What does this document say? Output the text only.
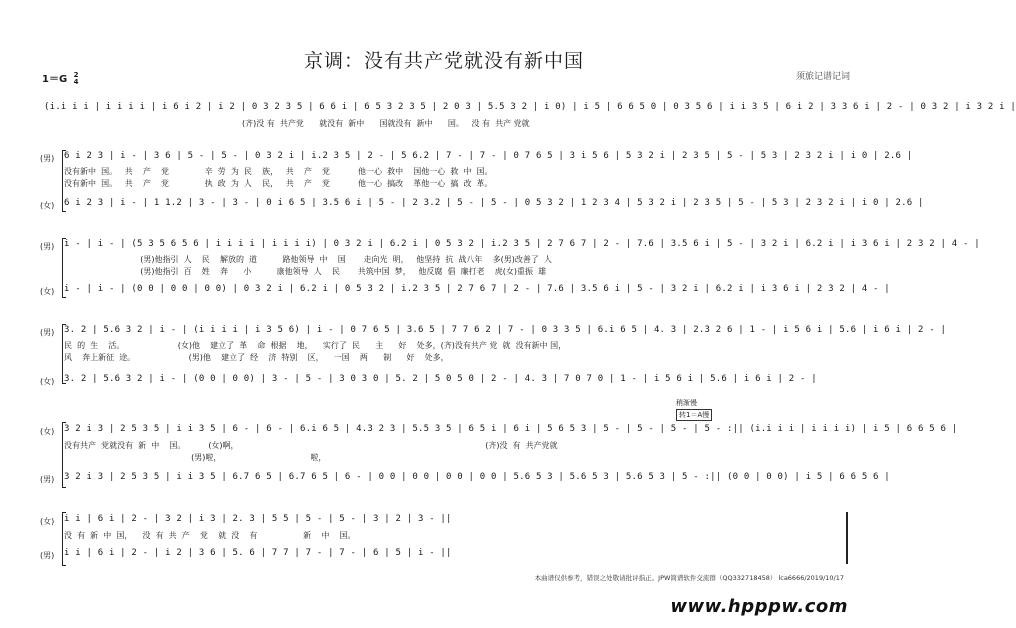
京调：没有共产党就没有新中国
1＝G 2
4	须旅记谱记词
(i.i i i | i i i i | i 6 i 2 | i 2 | 0 3 2 3 5 | 6 6 i | 6 5 3 2 3 5 | 2 0 3 | 5.5 3 2 | i 0) | i 5 | 6 6 5 0 | 0 3 5 6 | i i 3 5 | 6 i 2 | 3 3 6 i | 2 - | 0 3 2 | i 3 2 i |
(齐)没 有  共产党      就没有  新中      国就没有  新中      国。   没 有  共产 党就
(男)	6 i 2 3 | i - | 3 6 | 5 - | 5 - | 0 3 2 i | i.2 3 5 | 2 - | 5 6.2 | 7 - | 7 - | 0 7 6 5 | 3 i 5 6 | 5 3 2 i | 2 3 5 | 5 - | 5 3 | 2 3 2 i | i 0 | 2.6 |
没有新中  国。   共    产    党              辛  劳  为  民    族，   共    产    党           他一心  救中    国他一心  救  中  国。
没有新中  国。   共    产    党              执  政  为  人    民，   共    产    党           他一心  搞改    革他一心  搞  改  革。
(女)	6 i 2 3 | i - | 1 1.2 | 3 - | 3 - | 0 i 6 5 | 3.5 6 i | 5 - | 2 3.2 | 5 - | 5 - | 0 5 3 2 | 1 2 3 4 | 5 3 2 i | 2 3 5 | 5 - | 5 3 | 2 3 2 i | i 0 | 2.6 |
(男)	i - | i - | (5 3 5 6 5 6 | i i i i | i i i i) | 0 3 2 i | 6.2 i | 0 5 3 2 | i.2 3 5 | 2 7 6 7 | 2 - | 7.6 | 3.5 6 i | 5 - | 3 2 i | 6.2 i | i 3 6 i | 2 3 2 | 4 - |
(男)他指引  人    民    解放的  道          路他领导  中    国       走向光  明，   他坚持  抗  战八年    多(男)改善了  人
(男)他指引  百    姓    奔      小          康他领导  人    民       共筑中国  梦，   他反腐  倡  廉打老    虎(女)重振  雄
(女)	i - | i - | (0 0 | 0 0 | 0 0) | 0 3 2 i | 6.2 i | 0 5 3 2 | i.2 3 5 | 2 7 6 7 | 2 - | 7.6 | 3.5 6 i | 5 - | 3 2 i | 6.2 i | i 3 6 i | 2 3 2 | 4 - |
(男)	3. 2 | 5.6 3 2 | i - | (i i i i | i 3 5 6) | i - | 0 7 6 5 | 3.6 5 | 7 7 6 2 | 7 - | 0 3 3 5 | 6.i 6 5 | 4. 3 | 2.3 2 6 | 1 - | i 5 6 i | 5.6 | i 6 i | 2 - |
民  的  生    活。                     (女)他    建立了  革    命  根据    地，    实行了  民      主      好    处多，(齐)没有共产 党  就  没有新中 国，
风    奔上新征  途。                     (男)他    建立了  经    济  特别    区，    一国    两      制      好    处多，
(女)	3. 2 | 5.6 3 2 | i - | (0 0 | 0 0) | 3 - | 5 - | 3 0 3 0 | 5. 2 | 5 0 5 0 | 2 - | 4. 3 | 7 0 7 0 | 1 - | i 5 6 i | 5.6 | i 6 i | 2 - |
稍渐慢
转1＝A慢
(女)	3 2 i 3 | 2 5 3 5 | i i 3 5 | 6 - | 6 - | 6.i 6 5 | 4.3 2 3 | 5.5 3 5 | 6 5 i | 6 i | 5 6 5 3 | 5 - | 5 - | 5 - | 5 - :|| (i.i i i | i i i i) | i 5 | 6 6 5 6 |
没有共产  党就没有  新  中    国。         (女)啊，                                                                                                 (齐)没  有  共产党就
(男)啦，                                   啦，
(男)	3 2 i 3 | 2 5 3 5 | i i 3 5 | 6.7 6 5 | 6.7 6 5 | 6 - | 0 0 | 0 0 | 0 0 | 0 0 | 5.6 5 3 | 5.6 5 3 | 5.6 5 3 | 5 - :|| (0 0 | 0 0) | i 5 | 6 6 5 6 |
(女)	i i | 6 i | 2 - | 3 2 | i 3 | 2. 3 | 5 5 | 5 - | 5 - | 3 | 2 | 3 - ||
没  有  新  中  国，    没  有  共  产    党    就  没    有                  新    中    国。
(男)	i i | 6 i | 2 - | i 2 | 3 6 | 5. 6 | 7 7 | 7 - | 7 - | 6 | 5 | i - ||
本曲谱仅供参考，错误之处敬请批评指正。JPW简谱软件交流群（QQ332718458） lca6666/2019/10/17
www.hpppw.com
